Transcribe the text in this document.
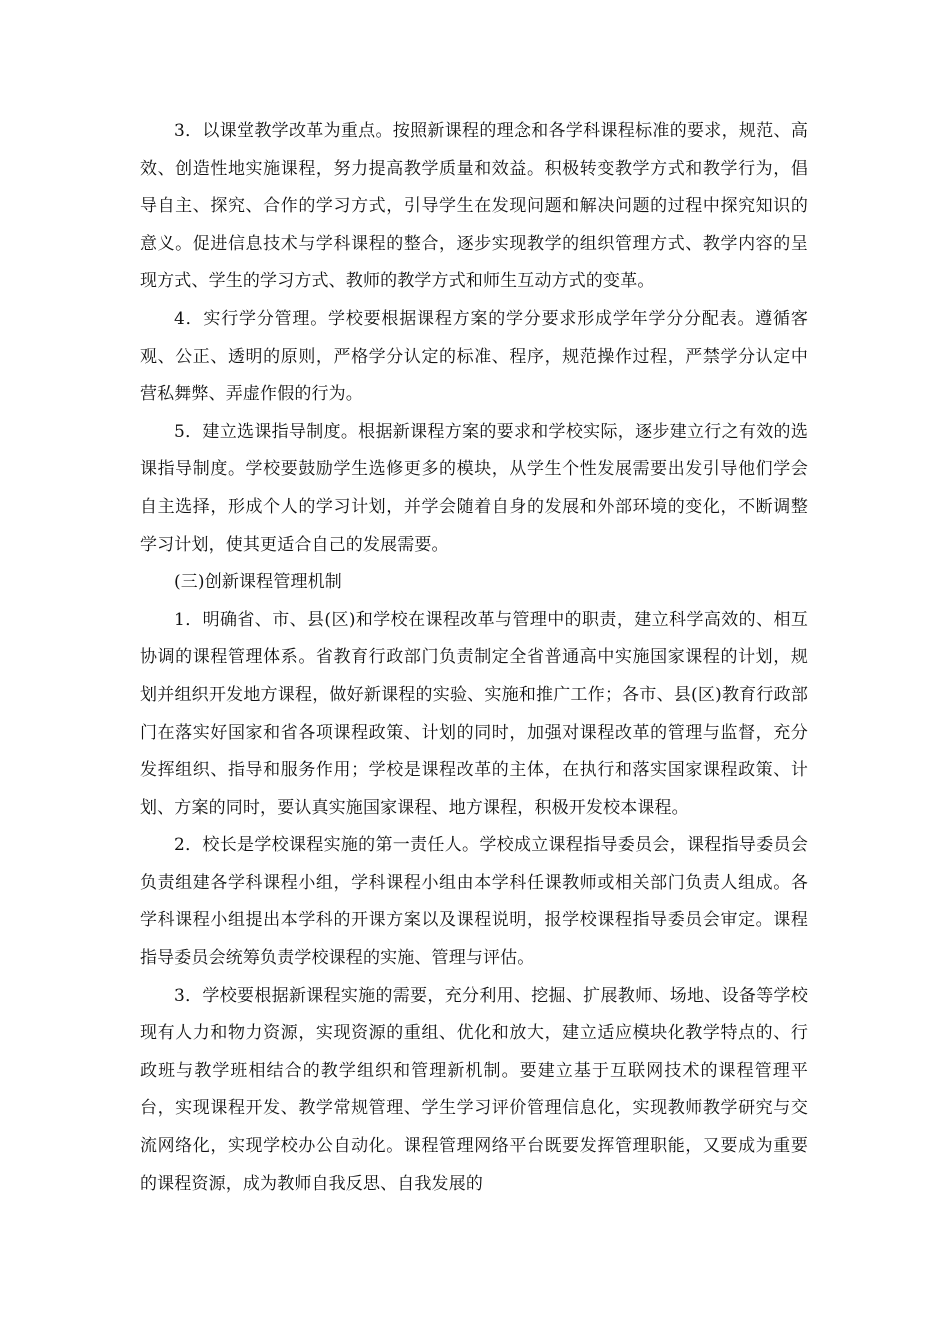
3．以课堂教学改革为重点。按照新课程的理念和各学科课程标准的要求，规范、高效、创造性地实施课程，努力提高教学质量和效益。积极转变教学方式和教学行为，倡导自主、探究、合作的学习方式，引导学生在发现问题和解决问题的过程中探究知识的意义。促进信息技术与学科课程的整合，逐步实现教学的组织管理方式、教学内容的呈现方式、学生的学习方式、教师的教学方式和师生互动方式的变革。

4．实行学分管理。学校要根据课程方案的学分要求形成学年学分分配表。遵循客观、公正、透明的原则，严格学分认定的标准、程序，规范操作过程，严禁学分认定中营私舞弊、弄虚作假的行为。

5．建立选课指导制度。根据新课程方案的要求和学校实际，逐步建立行之有效的选课指导制度。学校要鼓励学生选修更多的模块，从学生个性发展需要出发引导他们学会自主选择，形成个人的学习计划，并学会随着自身的发展和外部环境的变化，不断调整学习计划，使其更适合自己的发展需要。

(三)创新课程管理机制

1．明确省、市、县(区)和学校在课程改革与管理中的职责，建立科学高效的、相互协调的课程管理体系。省教育行政部门负责制定全省普通高中实施国家课程的计划，规划并组织开发地方课程，做好新课程的实验、实施和推广工作；各市、县(区)教育行政部门在落实好国家和省各项课程政策、计划的同时，加强对课程改革的管理与监督，充分发挥组织、指导和服务作用；学校是课程改革的主体，在执行和落实国家课程政策、计划、方案的同时，要认真实施国家课程、地方课程，积极开发校本课程。

2．校长是学校课程实施的第一责任人。学校成立课程指导委员会，课程指导委员会负责组建各学科课程小组，学科课程小组由本学科任课教师或相关部门负责人组成。各学科课程小组提出本学科的开课方案以及课程说明，报学校课程指导委员会审定。课程指导委员会统筹负责学校课程的实施、管理与评估。

3．学校要根据新课程实施的需要，充分利用、挖掘、扩展教师、场地、设备等学校现有人力和物力资源，实现资源的重组、优化和放大，建立适应模块化教学特点的、行政班与教学班相结合的教学组织和管理新机制。要建立基于互联网技术的课程管理平台，实现课程开发、教学常规管理、学生学习评价管理信息化，实现教师教学研究与交流网络化，实现学校办公自动化。课程管理网络平台既要发挥管理职能，又要成为重要的课程资源，成为教师自我反思、自我发展的
